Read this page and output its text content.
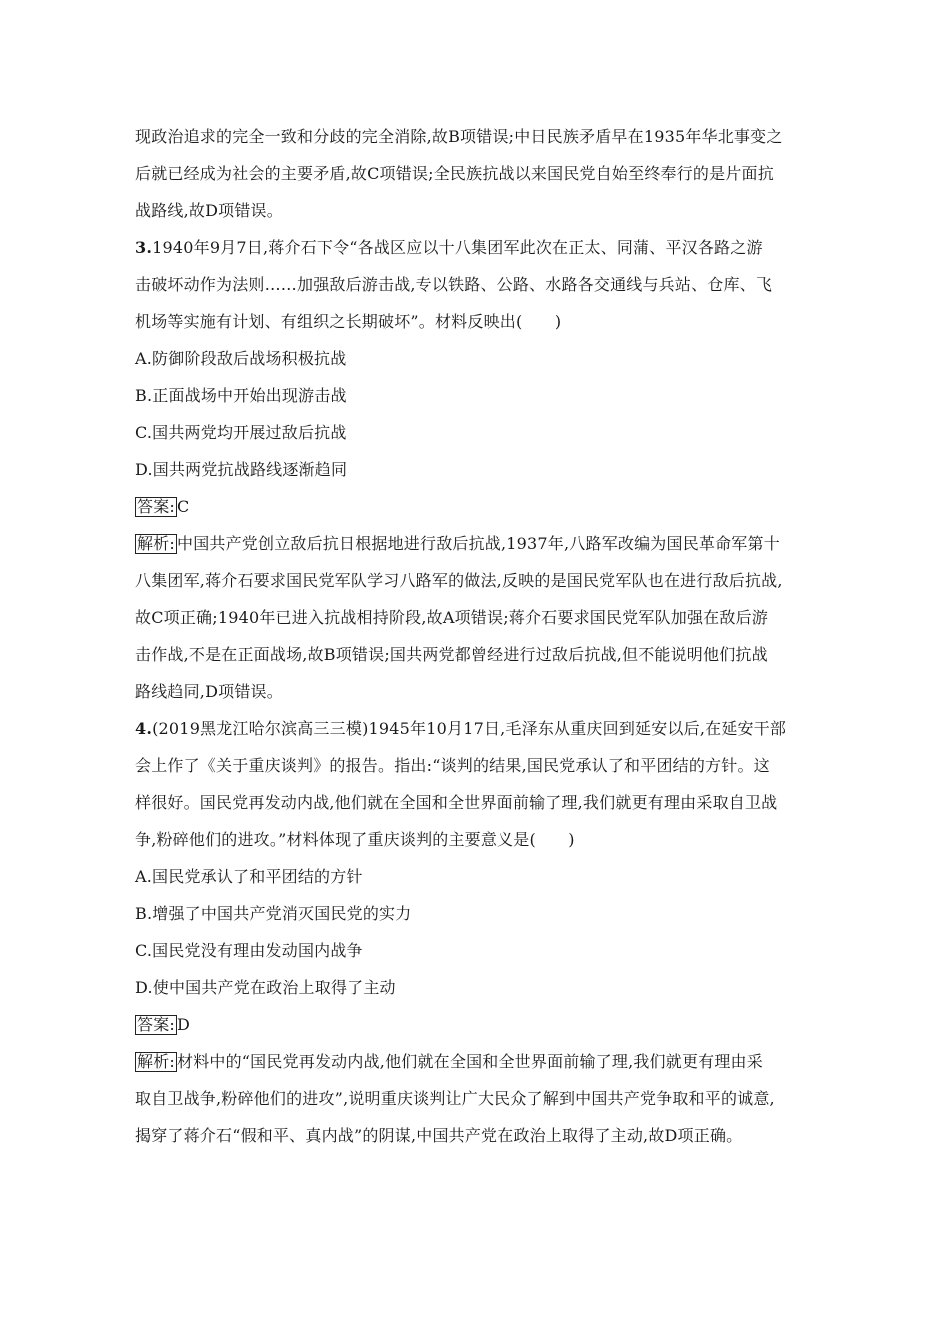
现政治追求的完全一致和分歧的完全消除,故B项错误;中日民族矛盾早在1935年华北事变之
后就已经成为社会的主要矛盾,故C项错误;全民族抗战以来国民党自始至终奉行的是片面抗
战路线,故D项错误。
3.1940年9月7日,蒋介石下令“各战区应以十八集团军此次在正太、同蒲、平汉各路之游
击破坏动作为法则……加强敌后游击战,专以铁路、公路、水路各交通线与兵站、仓库、飞
机场等实施有计划、有组织之长期破坏”。材料反映出(　　)
A.防御阶段敌后战场积极抗战
B.正面战场中开始出现游击战
C.国共两党均开展过敌后抗战
D.国共两党抗战路线逐渐趋同
答案: C
解析: 中国共产党创立敌后抗日根据地进行敌后抗战,1937年,八路军改编为国民革命军第十
八集团军,蒋介石要求国民党军队学习八路军的做法,反映的是国民党军队也在进行敌后抗战,
故C项正确;1940年已进入抗战相持阶段,故A项错误;蒋介石要求国民党军队加强在敌后游
击作战,不是在正面战场,故B项错误;国共两党都曾经进行过敌后抗战,但不能说明他们抗战
路线趋同,D项错误。
4.(2019黑龙江哈尔滨高三三模)1945年10月17日,毛泽东从重庆回到延安以后,在延安干部
会上作了《关于重庆谈判》的报告。指出:“谈判的结果,国民党承认了和平团结的方针。这
样很好。国民党再发动内战,他们就在全国和全世界面前输了理,我们就更有理由采取自卫战
争,粉碎他们的进攻。”材料体现了重庆谈判的主要意义是(　　)
A.国民党承认了和平团结的方针
B.增强了中国共产党消灭国民党的实力
C.国民党没有理由发动国内战争
D.使中国共产党在政治上取得了主动
答案: D
解析: 材料中的“国民党再发动内战,他们就在全国和全世界面前输了理,我们就更有理由采
取自卫战争,粉碎他们的进攻”,说明重庆谈判让广大民众了解到中国共产党争取和平的诚意,
揭穿了蒋介石“假和平、真内战”的阴谋,中国共产党在政治上取得了主动,故D项正确。
